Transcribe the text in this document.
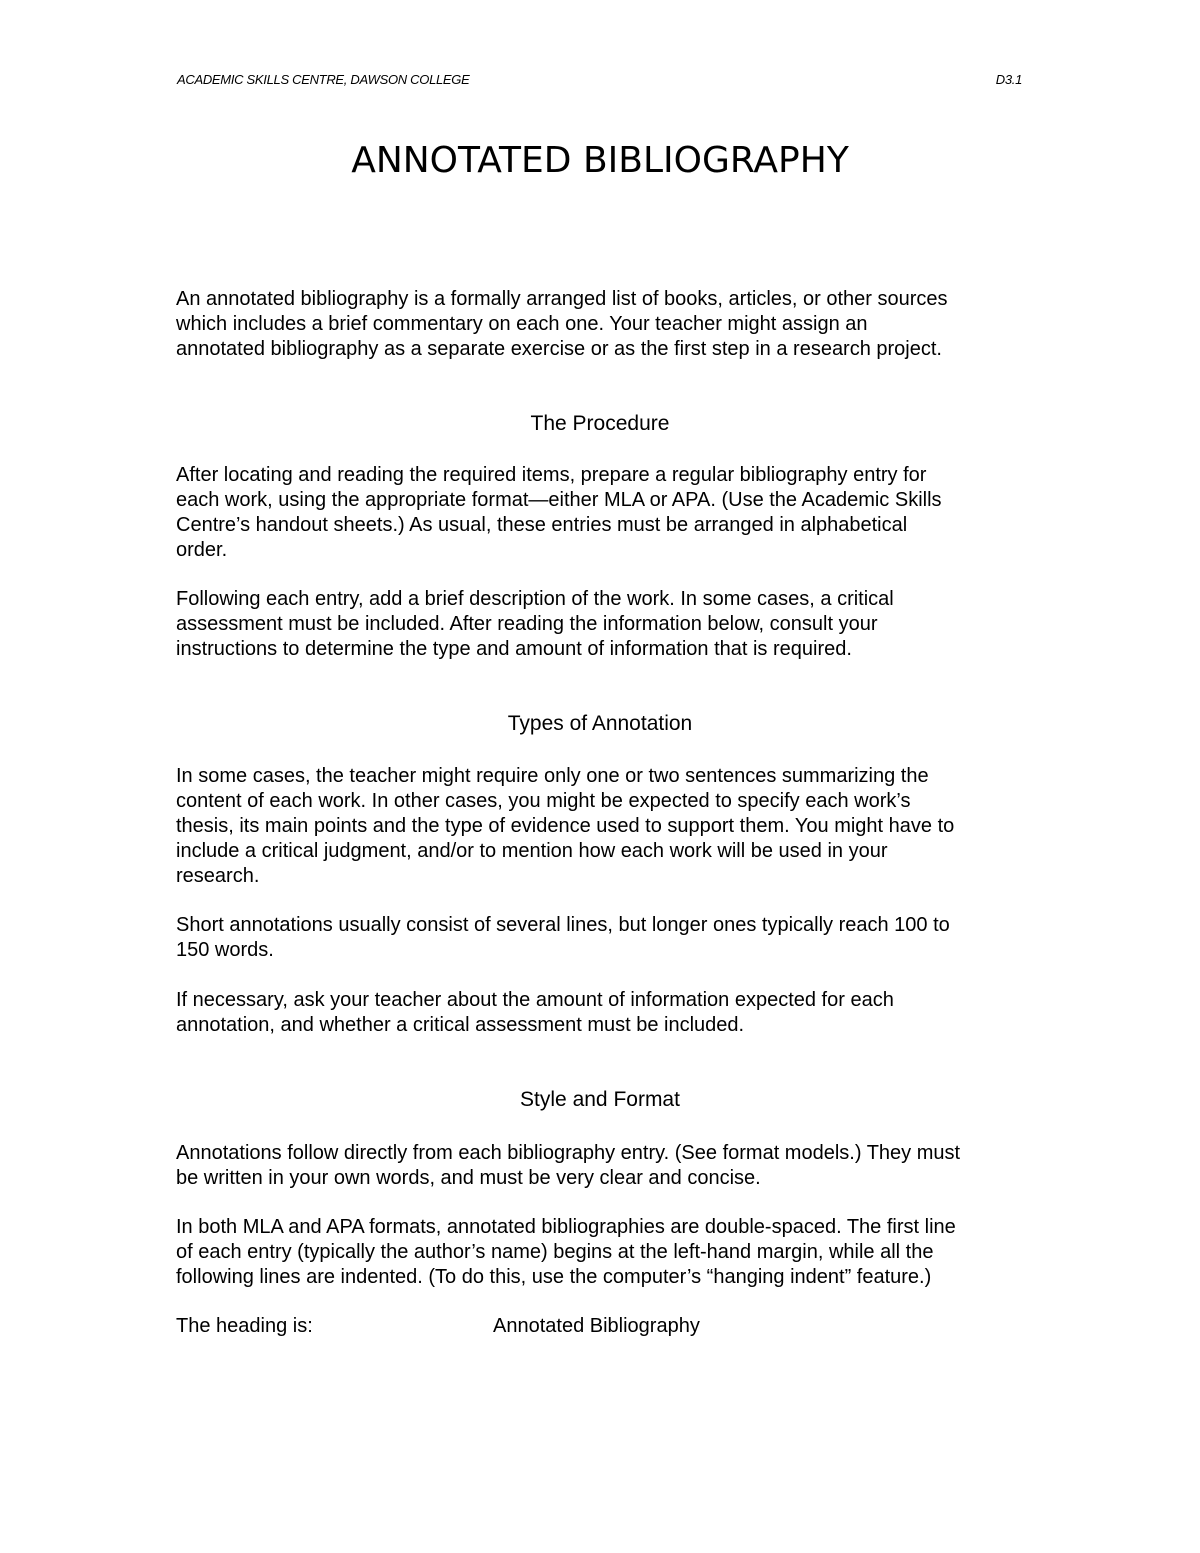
ACADEMIC SKILLS CENTRE, DAWSON COLLEGE	D3.1
ANNOTATED BIBLIOGRAPHY

An annotated bibliography is a formally arranged list of books, articles, or other sources

which includes a brief commentary on each one. Your teacher might assign an

annotated bibliography as a separate exercise or as the first step in a research project.

The Procedure

After locating and reading the required items, prepare a regular bibliography entry for

each work, using the appropriate format—either MLA or APA. (Use the Academic Skills

Centre’s handout sheets.) As usual, these entries must be arranged in alphabetical

order.

Following each entry, add a brief description of the work. In some cases, a critical

assessment must be included. After reading the information below, consult your

instructions to determine the type and amount of information that is required.

Types of Annotation

In some cases, the teacher might require only one or two sentences summarizing the

content of each work. In other cases, you might be expected to specify each work’s

thesis, its main points and the type of evidence used to support them. You might have to

include a critical judgment, and/or to mention how each work will be used in your

research.

Short annotations usually consist of several lines, but longer ones typically reach 100 to

150 words.

If necessary, ask your teacher about the amount of information expected for each

annotation, and whether a critical assessment must be included.

Style and Format

Annotations follow directly from each bibliography entry. (See format models.) They must

be written in your own words, and must be very clear and concise.

In both MLA and APA formats, annotated bibliographies are double-spaced. The first line

of each entry (typically the author’s name) begins at the left-hand margin, while all the

following lines are indented. (To do this, use the computer’s “hanging indent” feature.)

The heading is:	Annotated Bibliography
